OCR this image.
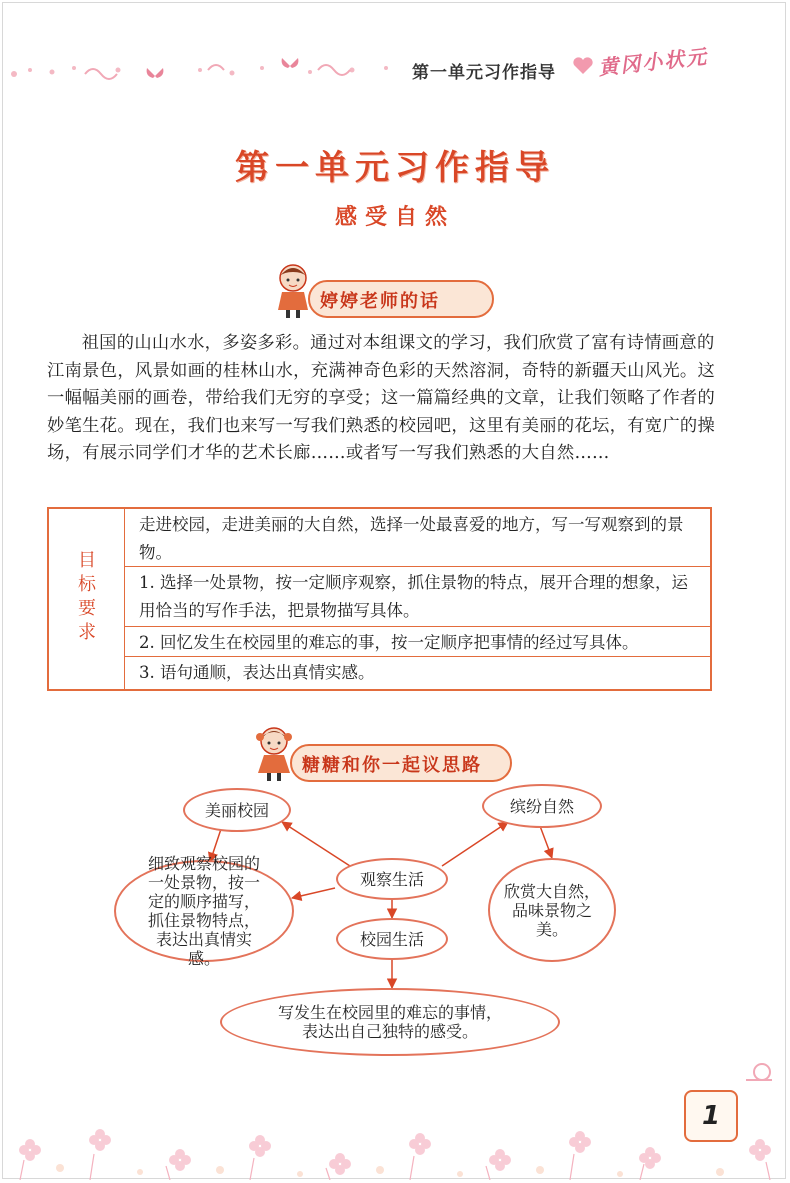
第一单元习作指导 黄冈小状元
第一单元习作指导
感受自然
婷婷老师的话
祖国的山山水水，多姿多彩。通过对本组课文的学习，我们欣赏了富有诗情画意的江南景色，风景如画的桂林山水，充满神奇色彩的天然溶洞，奇特的新疆天山风光。这一幅幅美丽的画卷，带给我们无穷的享受；这一篇篇经典的文章，让我们领略了作者的妙笔生花。现在，我们也来写一写我们熟悉的校园吧，这里有美丽的花坛，有宽广的操场，有展示同学们才华的艺术长廊……或者写一写我们熟悉的大自然……
目标要求
走进校园，走进美丽的大自然，选择一处最喜爱的地方，写一写观察到的景物。
1. 选择一处景物，按一定顺序观察，抓住景物的特点，展开合理的想象，运用恰当的写作手法，把景物描写具体。
2. 回忆发生在校园里的难忘的事，按一定顺序把事情的经过写具体。
3. 语句通顺，表达出真情实感。
糖糖和你一起议思路
美丽校园	缤纷自然
观察生活
细致观察校园的一处景物，按一定的顺序描写，抓住景物特点，表达出真情实感。
欣赏大自然，品味景物之美。
校园生活
写发生在校园里的难忘的事情，表达出自己独特的感受。
1
